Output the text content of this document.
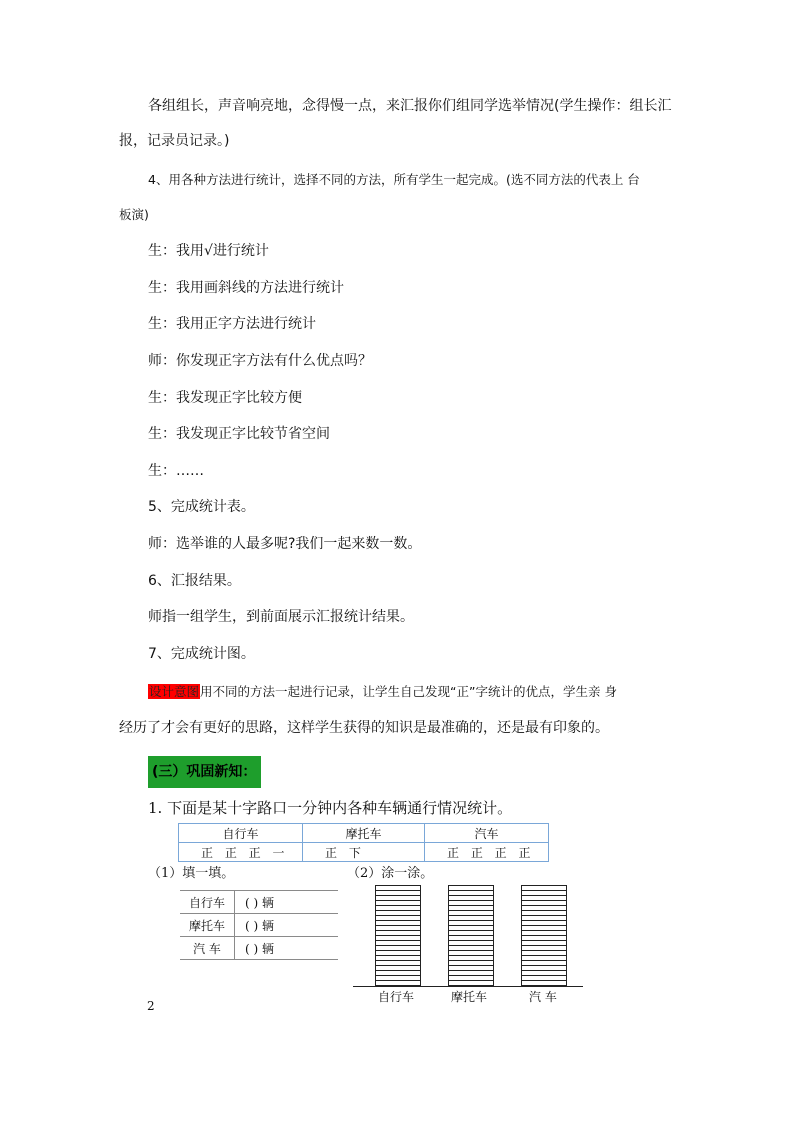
各组组长，声音响亮地，念得慢一点，来汇报你们组同学选举情况(学生操作：组长汇
报，记录员记录。)
4、用各种方法进行统计，选择不同的方法，所有学生一起完成。(选不同方法的代表上 台
板演)
生：我用√进行统计
生：我用画斜线的方法进行统计
生：我用正字方法进行统计
师：你发现正字方法有什么优点吗？
生：我发现正字比较方便
生：我发现正字比较节省空间
生：……
5、完成统计表。
师：选举谁的人最多呢?我们一起来数一数。
6、汇报结果。
师指一组学生，到前面展示汇报统计结果。
7、完成统计图。
设计意图用不同的方法一起进行记录，让学生自己发现“正”字统计的优点，学生亲 身
经历了才会有更好的思路，这样学生获得的知识是最准确的，还是最有印象的。
(三）巩固新知：
1. 下面是某十字路口一分钟内各种车辆通行情况统计。
自行车	摩托车	汽车
正 正 正 一	正 下	正 正 正 正
（1）填一填。	（2）涂一涂。
自行车	( ) 辆
摩托车	( ) 辆
汽 车	( ) 辆
自行车	摩托车	汽 车
2
